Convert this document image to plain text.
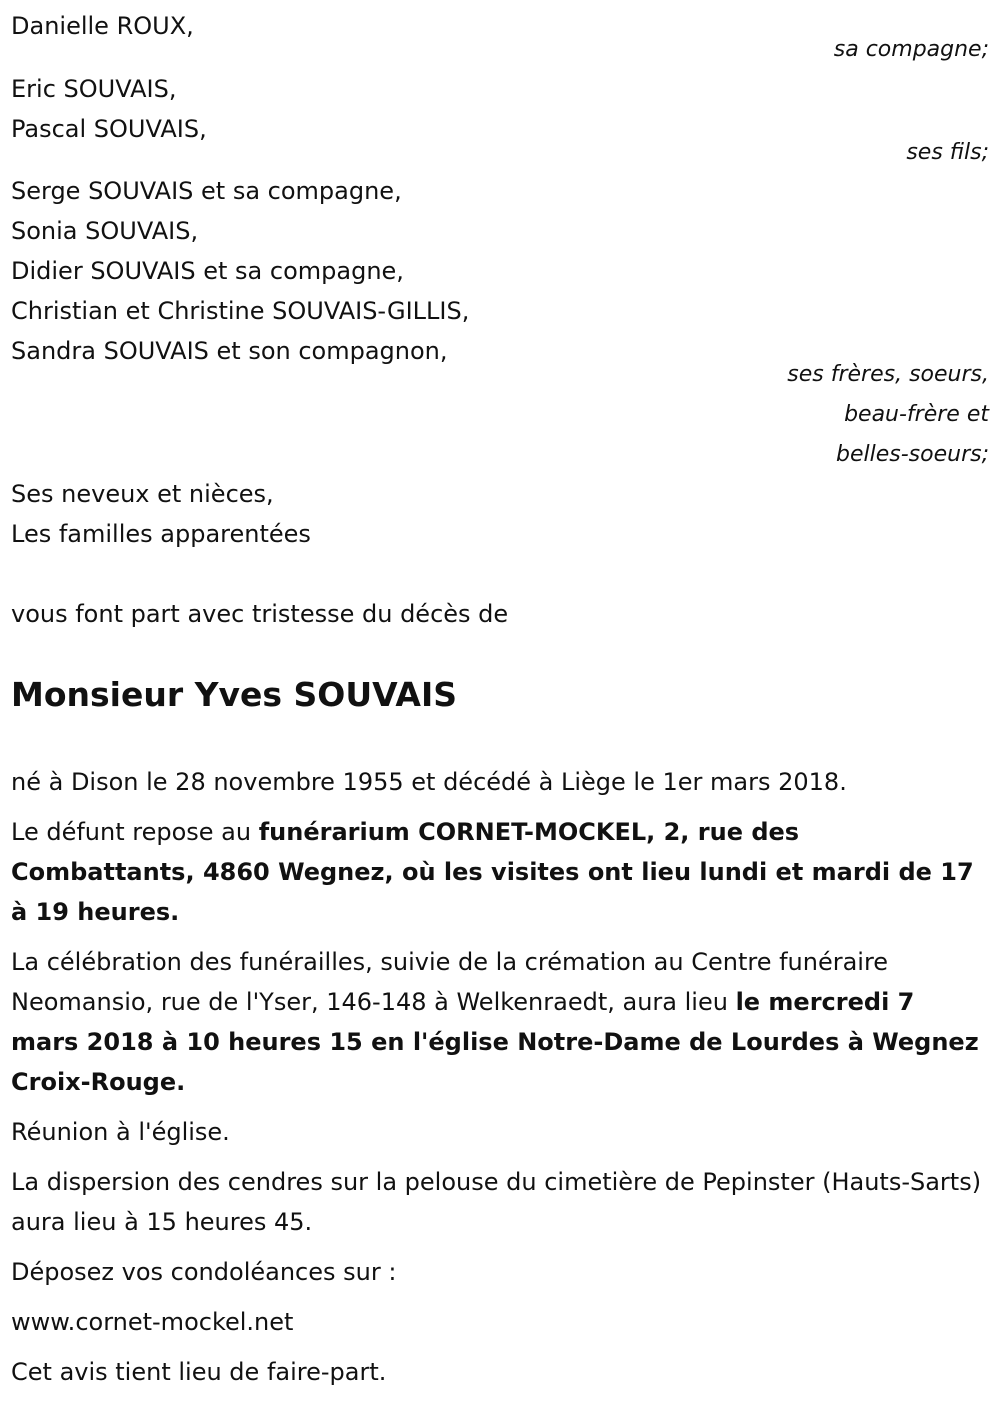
Danielle ROUX,
sa compagne;
Eric SOUVAIS,
Pascal SOUVAIS,
ses fils;
Serge SOUVAIS et sa compagne,
Sonia SOUVAIS,
Didier SOUVAIS et sa compagne,
Christian et Christine SOUVAIS-GILLIS,
Sandra SOUVAIS et son compagnon,
ses frères, soeurs,
beau-frère et
belles-soeurs;
Ses neveux et nièces,
Les familles apparentées
vous font part avec tristesse du décès de
Monsieur Yves SOUVAIS
né à Dison le 28 novembre 1955 et décédé à Liège le 1er mars 2018.
Le défunt repose au funérarium CORNET-MOCKEL, 2, rue des Combattants, 4860 Wegnez, où les visites ont lieu lundi et mardi de 17 à 19 heures.
La célébration des funérailles, suivie de la crémation au Centre funéraire Neomansio, rue de l'Yser, 146-148 à Welkenraedt, aura lieu le mercredi 7 mars 2018 à 10 heures 15 en l'église Notre-Dame de Lourdes à Wegnez Croix-Rouge.
Réunion à l'église.
La dispersion des cendres sur la pelouse du cimetière de Pepinster (Hauts-Sarts) aura lieu à 15 heures 45.
Déposez vos condoléances sur :
www.cornet-mockel.net
Cet avis tient lieu de faire-part.
